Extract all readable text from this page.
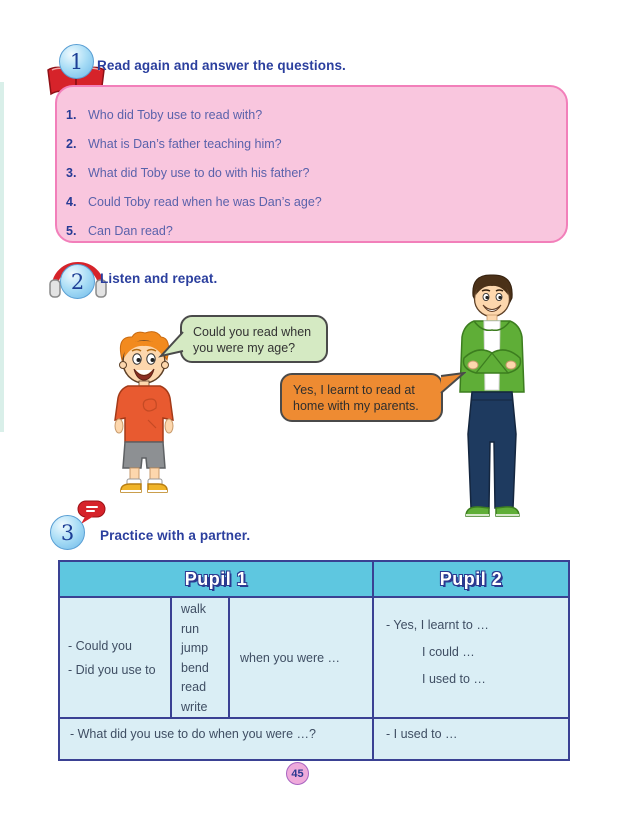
1 Read again and answer the questions.
1. Who did Toby use to read with?
2. What is Dan’s father teaching him?
3. What did Toby use to do with his father?
4. Could Toby read when he was Dan’s age?
5. Can Dan read?
2 Listen and repeat.
Could you read when you were my age?
Yes, I learnt to read at home with my parents.
3 Practice with a partner.
Pupil 1	Pupil 2
- Could you
- Did you use to
walk
run
jump
bend
read
write
when you were …
- Yes, I learnt to …
I could …
I used to …
- What did you use to do when you were …?	- I used to …
45
